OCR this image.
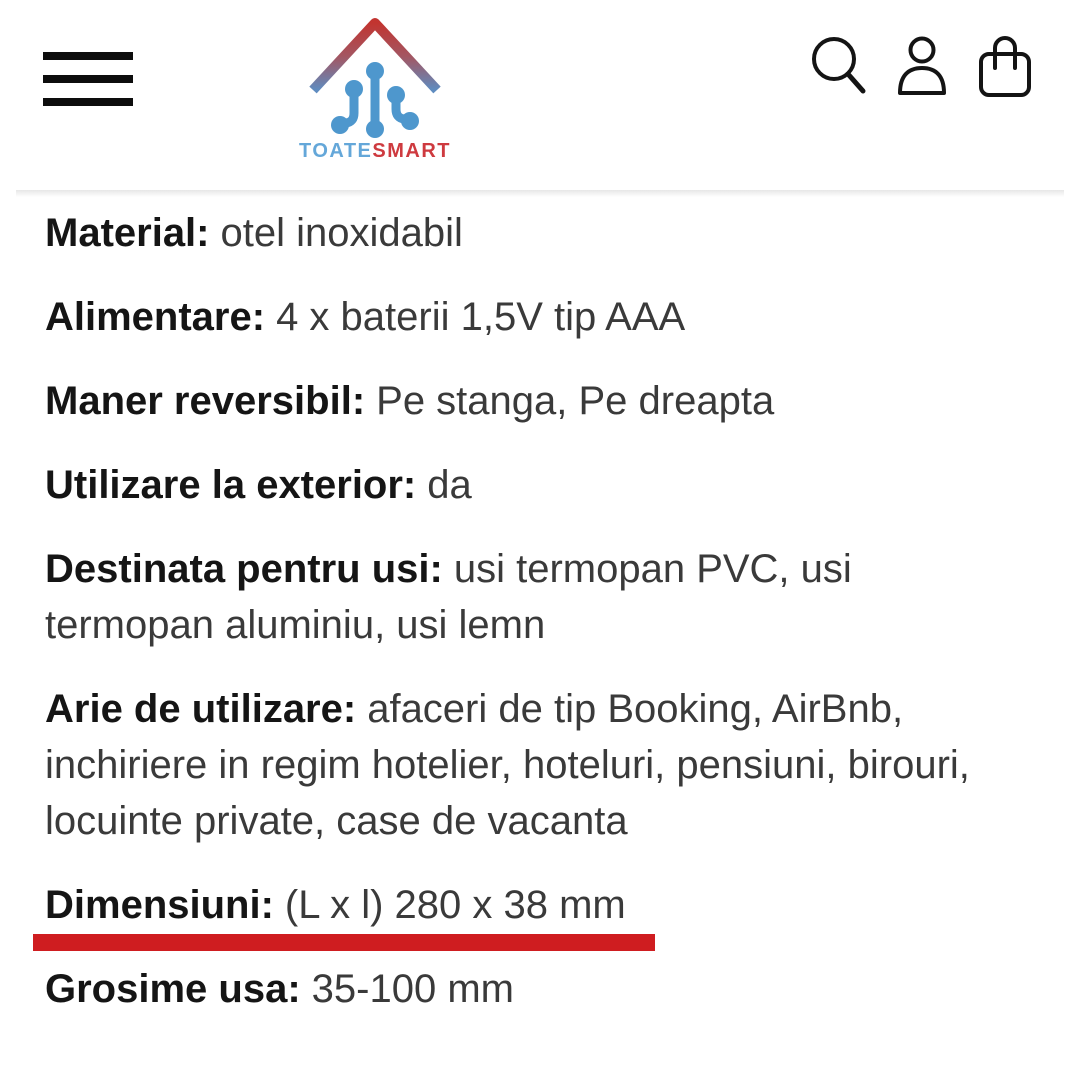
TOATESMART
Material: otel inoxidabil
Alimentare: 4 x baterii 1,5V tip AAA
Maner reversibil: Pe stanga, Pe dreapta
Utilizare la exterior: da
Destinata pentru usi: usi termopan PVC, usi
termopan aluminiu, usi lemn
Arie de utilizare: afaceri de tip Booking, AirBnb,
inchiriere in regim hotelier, hoteluri, pensiuni, birouri,
locuinte private, case de vacanta
Dimensiuni: (L x l) 280 x 38 mm
Grosime usa: 35-100 mm
